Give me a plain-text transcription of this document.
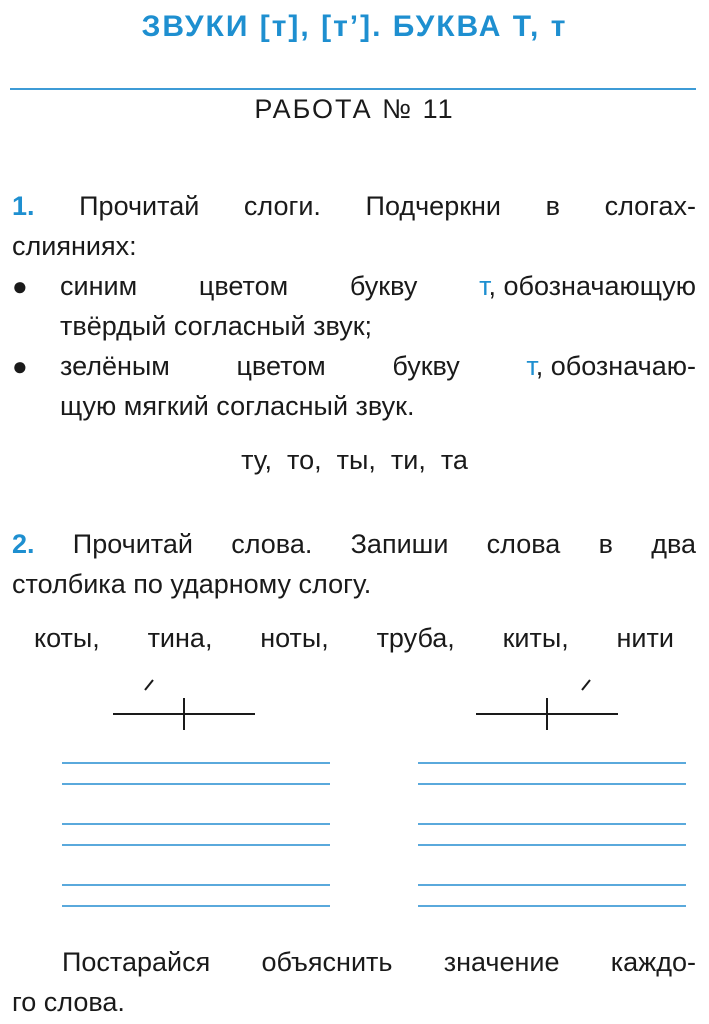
ЗВУКИ [т], [т’]. БУКВА Т, т
РАБОТА № 11
1. Прочитай слоги. Подчеркни в слогах-
слияниях:
● синим цветом букву т, обозначающую
твёрдый согласный звук;
● зелёным цветом букву т, обозначаю-
щую мягкий согласный звук.
ту,  то,  ты,  ти,  та
2. Прочитай слова. Запиши слова в два
столбика по ударному слогу.
коты, тина, ноты, труба, киты, нити
Постарайся объяснить значение каждо-
го слова.
